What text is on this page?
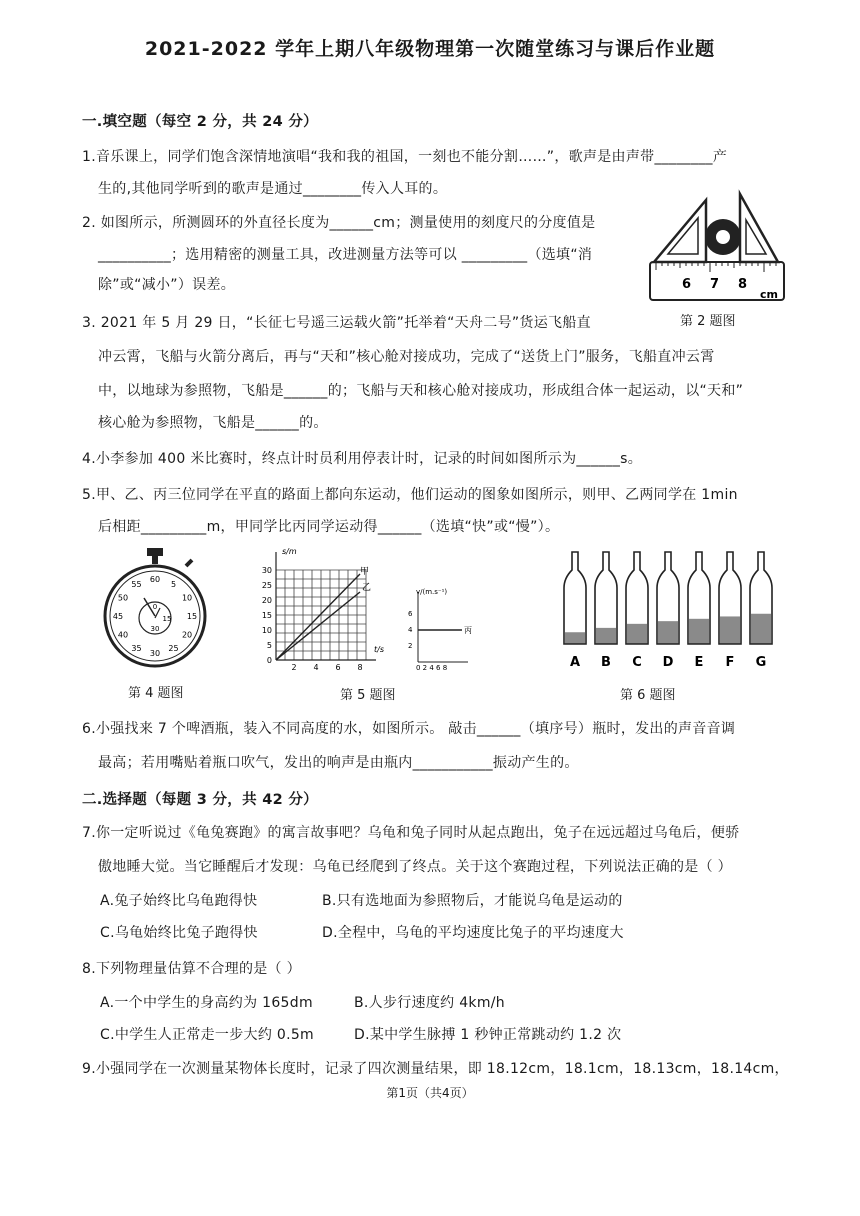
2021-2022 学年上期八年级物理第一次随堂练习与课后作业题
一.填空题（每空 2 分，共 24 分）
1.音乐课上，同学们饱含深情地演唱“我和我的祖国，一刻也不能分割……”，歌声是由声带________产
生的,其他同学听到的歌声是通过________传入人耳的。
2. 如图所示，所测圆环的外直径长度为______cm；测量使用的刻度尺的分度值是
__________；选用精密的测量工具，改进测量方法等可以 _________（选填“消
除”或“减小”）误差。	6 7 8
cm
第 2 题图
3. 2021 年 5 月 29 日，“长征七号遥三运载火箭”托举着“天舟二号”货运飞船直
冲云霄，飞船与火箭分离后，再与“天和”核心舱对接成功，完成了“送货上门”服务，飞船直冲云霄
中，以地球为参照物，飞船是______的；飞船与天和核心舱对接成功，形成组合体一起运动，以“天和”
核心舱为参照物，飞船是______的。
4.小李参加 400 米比赛时，终点计时员利用停表计时，记录的时间如图所示为______s。
5.甲、乙、丙三位同学在平直的路面上都向东运动，他们运动的图象如图所示，则甲、乙两同学在 1min
后相距_________m，甲同学比丙同学运动得______（选填“快”或“慢”）。
60
5
10
15
20
25
30
35
40
45
50
55
0
30
15
第 4 题图
s/m
t/s
甲
乙
30
25
20
15
10
5
0
2 4 6 8
v/(m.s⁻¹)
6
4
2
0 2 4 6 8
丙
第 5 题图
A B C D E F G
第 6 题图
6.小强找来 7 个啤酒瓶，装入不同高度的水，如图所示。 敲击______（填序号）瓶时，发出的声音音调
最高；若用嘴贴着瓶口吹气，发出的响声是由瓶内___________振动产生的。
二.选择题（每题 3 分，共 42 分）
7.你一定听说过《龟兔赛跑》的寓言故事吧？乌龟和兔子同时从起点跑出，兔子在远远超过乌龟后，便骄
傲地睡大觉。当它睡醒后才发现：乌龟已经爬到了终点。关于这个赛跑过程，下列说法正确的是（ ）
A.兔子始终比乌龟跑得快	B.只有选地面为参照物后，才能说乌龟是运动的
C.乌龟始终比兔子跑得快	D.全程中，乌龟的平均速度比兔子的平均速度大
8.下列物理量估算不合理的是（ ）
A.一个中学生的身高约为 165dm	B.人步行速度约 4km/h
C.中学生人正常走一步大约 0.5m	D.某中学生脉搏 1 秒钟正常跳动约 1.2 次
9.小强同学在一次测量某物体长度时，记录了四次测量结果，即 18.12cm，18.1cm，18.13cm，18.14cm，
第1页（共4页）
